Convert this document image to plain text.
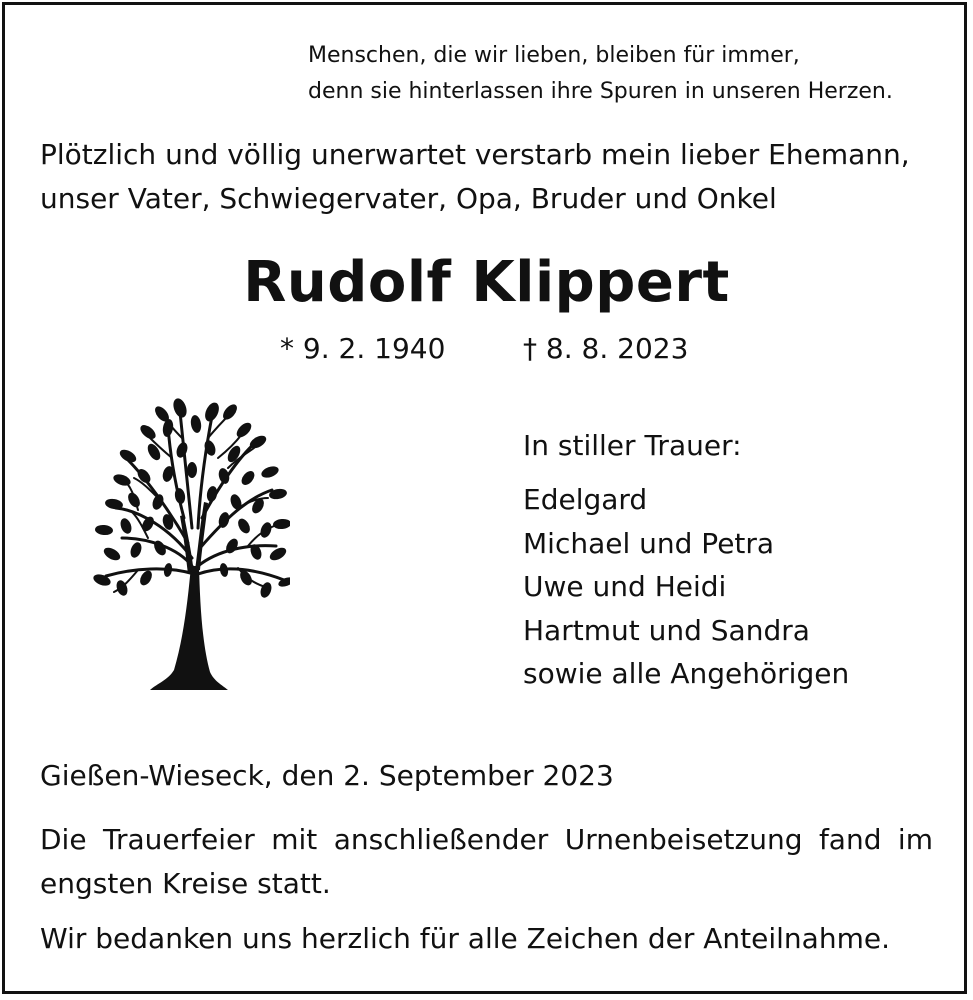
Menschen, die wir lieben, bleiben für immer,
denn sie hinterlassen ihre Spuren in unseren Herzen.
Plötzlich und völlig unerwartet verstarb mein lieber Ehemann,
unser Vater, Schwiegervater, Opa, Bruder und Onkel
Rudolf Klippert
* 9. 2. 1940	† 8. 8. 2023
In stiller Trauer:
Edelgard
Michael und Petra
Uwe und Heidi
Hartmut und Sandra
sowie alle Angehörigen
Gießen-Wieseck, den 2. September 2023
Die Trauerfeier mit anschließender Urnenbeisetzung fand im engsten Kreise statt.
Wir bedanken uns herzlich für alle Zeichen der Anteilnahme.
